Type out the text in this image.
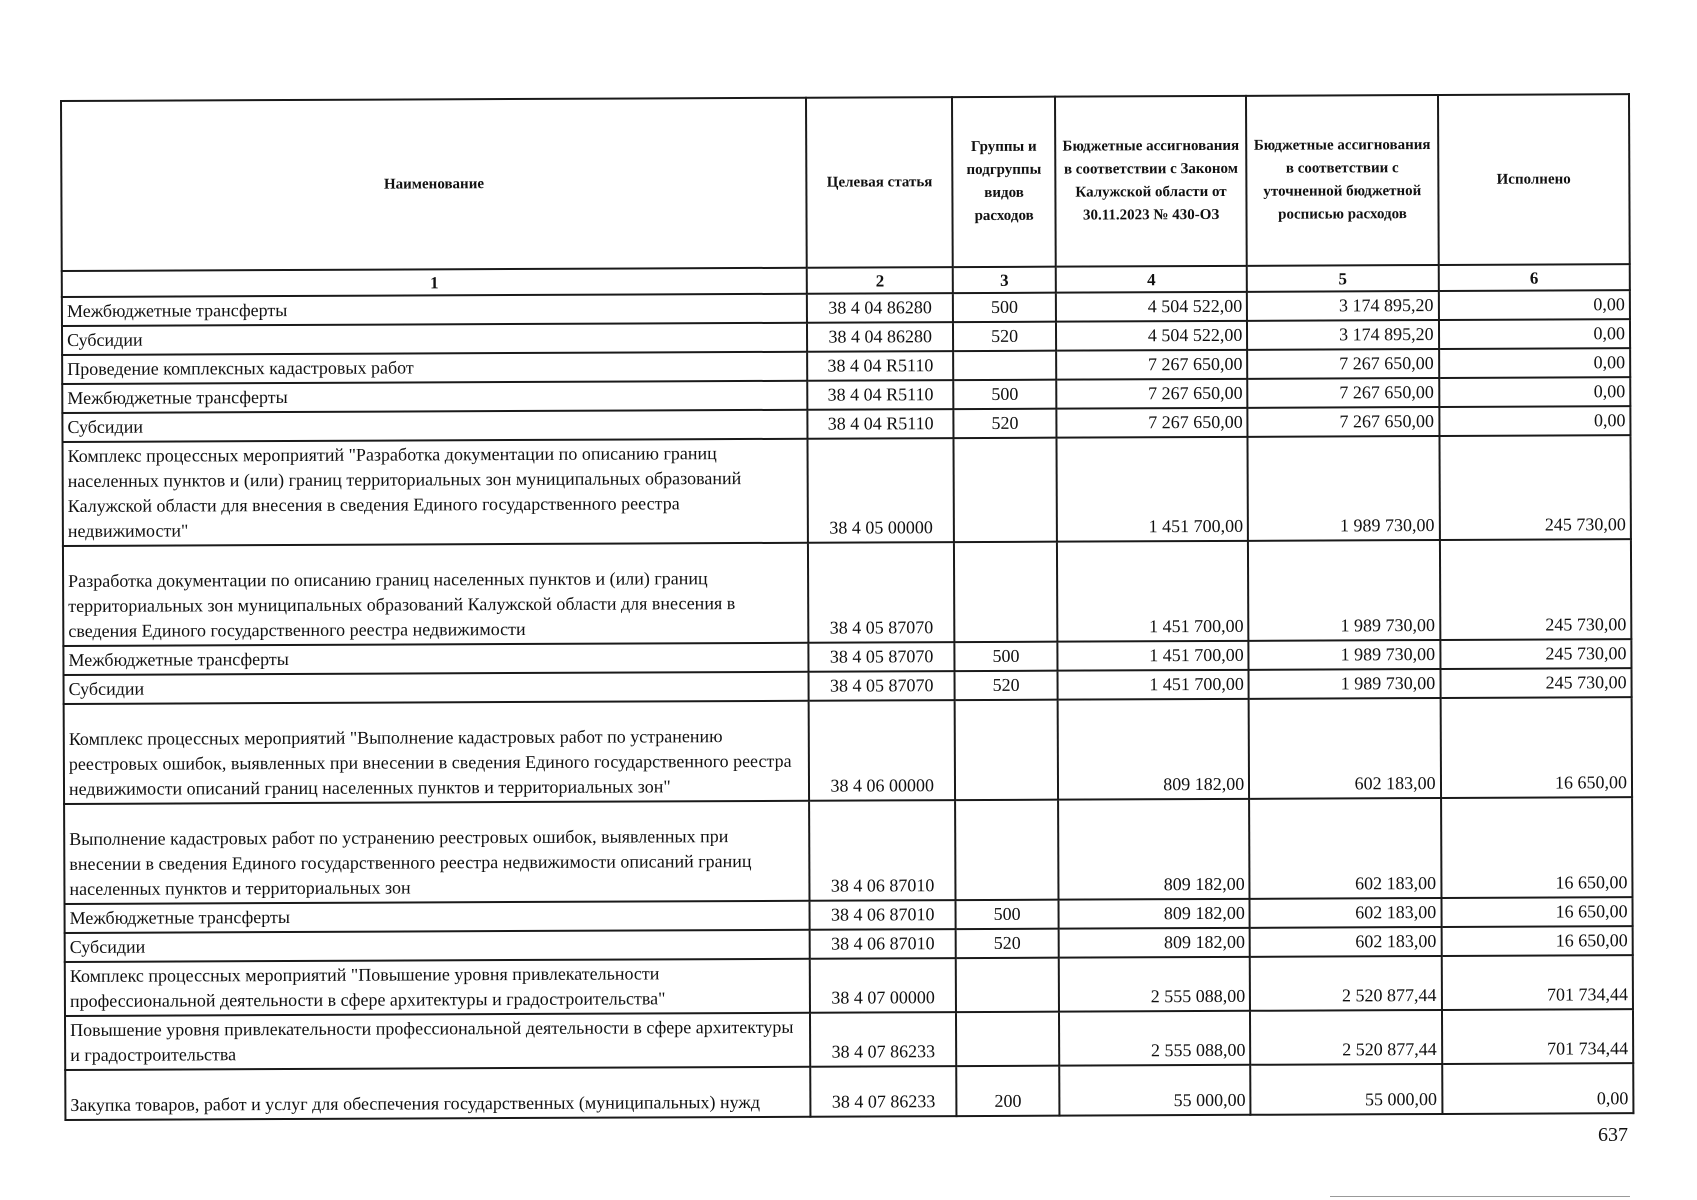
Наименование	Целевая статья	Группы и подгруппы видов расходов	Бюджетные ассигнования в соответствии с Законом Калужской области от 30.11.2023 № 430-ОЗ	Бюджетные ассигнования в соответствии с уточненной бюджетной росписью расходов	Исполнено
1	2	3	4	5	6
Межбюджетные трансферты	38 4 04 86280	500	4 504 522,00	3 174 895,20	0,00
Субсидии	38 4 04 86280	520	4 504 522,00	3 174 895,20	0,00
Проведение комплексных кадастровых работ	38 4 04 R5110		7 267 650,00	7 267 650,00	0,00
Межбюджетные трансферты	38 4 04 R5110	500	7 267 650,00	7 267 650,00	0,00
Субсидии	38 4 04 R5110	520	7 267 650,00	7 267 650,00	0,00
Комплекс процессных мероприятий "Разработка документации по описанию границ населенных пунктов и (или) границ территориальных зон муниципальных образований Калужской области для внесения в сведения Единого государственного реестра недвижимости"	38 4 05 00000		1 451 700,00	1 989 730,00	245 730,00
Разработка документации по описанию границ населенных пунктов и (или) границ территориальных зон муниципальных образований Калужской области для внесения в сведения Единого государственного реестра недвижимости	38 4 05 87070		1 451 700,00	1 989 730,00	245 730,00
Межбюджетные трансферты	38 4 05 87070	500	1 451 700,00	1 989 730,00	245 730,00
Субсидии	38 4 05 87070	520	1 451 700,00	1 989 730,00	245 730,00
Комплекс процессных мероприятий "Выполнение кадастровых работ по устранению реестровых ошибок, выявленных при внесении в сведения Единого государственного реестра недвижимости описаний границ населенных пунктов и территориальных зон"	38 4 06 00000		809 182,00	602 183,00	16 650,00
Выполнение кадастровых работ по устранению реестровых ошибок, выявленных при внесении в сведения Единого государственного реестра недвижимости описаний границ населенных пунктов и территориальных зон	38 4 06 87010		809 182,00	602 183,00	16 650,00
Межбюджетные трансферты	38 4 06 87010	500	809 182,00	602 183,00	16 650,00
Субсидии	38 4 06 87010	520	809 182,00	602 183,00	16 650,00
Комплекс процессных мероприятий "Повышение уровня привлекательности профессиональной деятельности в сфере архитектуры и градостроительства"	38 4 07 00000		2 555 088,00	2 520 877,44	701 734,44
Повышение уровня привлекательности профессиональной деятельности в сфере архитектуры и градостроительства	38 4 07 86233		2 555 088,00	2 520 877,44	701 734,44
Закупка товаров, работ и услуг для обеспечения государственных (муниципальных) нужд	38 4 07 86233	200	55 000,00	55 000,00	0,00
637
